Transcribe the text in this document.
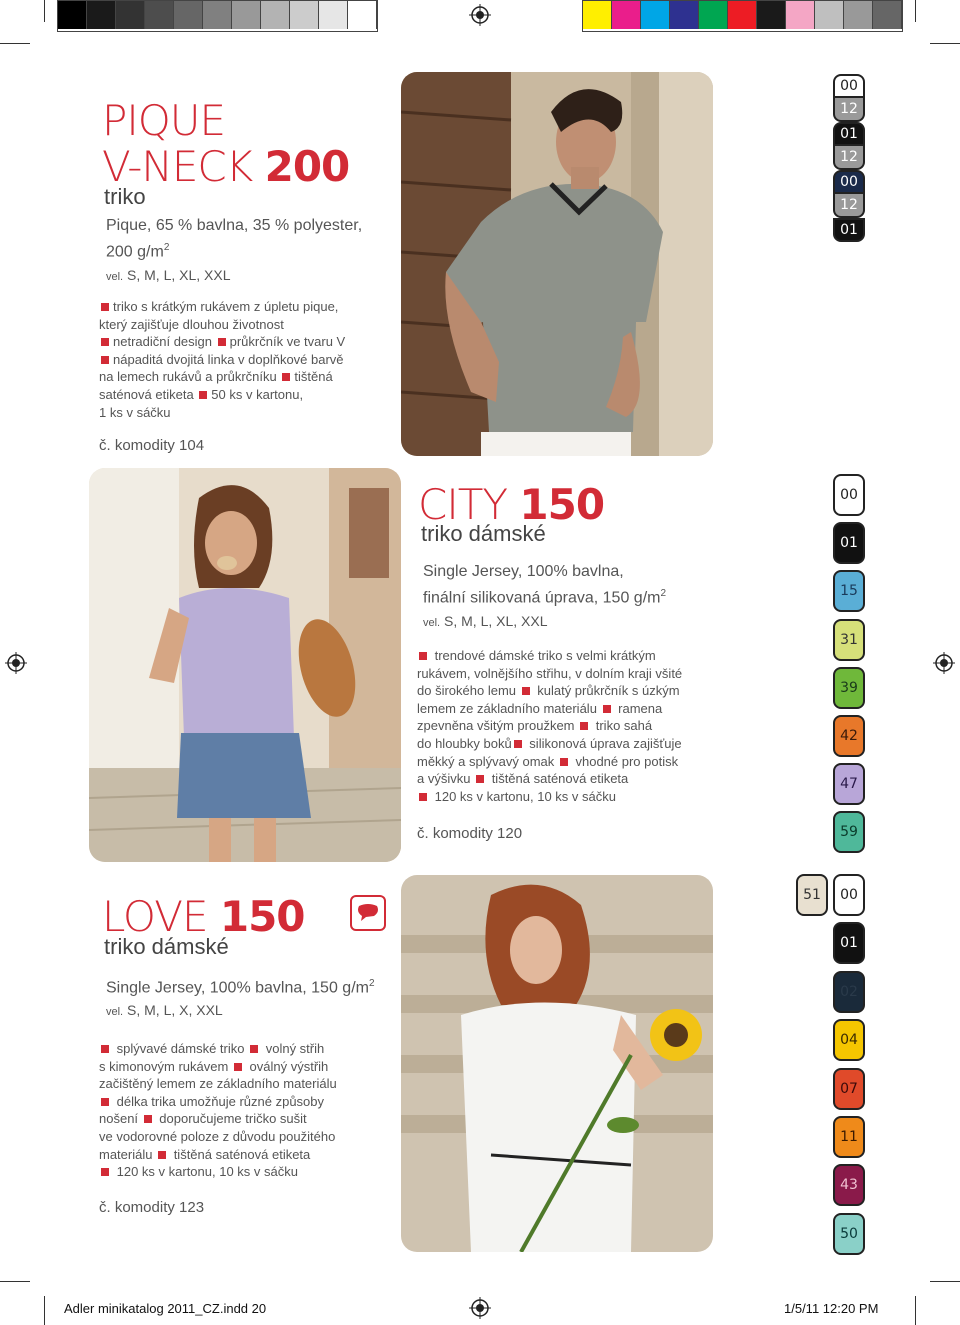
PIQUE
V-NECK 200
triko
Pique, 65 % bavlna, 35 % polyester,
200 $g/m^2$
vel. S, M, L, XL, XXL
triko s krátkým rukávem z úpletu pique,
který zajišťuje dlouhou životnost
netradiční design průkrčník ve tvaru V
nápaditá dvojitá linka v doplňkové barvě
na lemech rukávů a průkrčníku tištěná
saténová etiketa 50 ks v kartonu,
1 ks v sáčku
č. komodity 104
00
12
01
12
00
12
01
CITY 150
triko dámské
Single Jersey, 100% bavlna,
finální silikovaná úprava, 150 $g/m^2$
vel. S, M, L, XL, XXL
trendové dámské triko s velmi krátkým
rukávem, volnějšího střihu, v dolním kraji všité
do širokého lemu  kulatý průkrčník s úzkým
lemem ze základního materiálu  ramena
zpevněna všitým proužkem  triko sahá
do hloubky boků silikonová úprava zajišťuje
měkký a splývavý omak  vhodné pro potisk
a výšivku  tištěná saténová etiketa
120 ks v kartonu, 10 ks v sáčku
č. komodity 120
00
01
15
31
39
42
47
59
LOVE 150
triko dámské
Single Jersey, 100% bavlna, 150 $g/m^2$
vel. S, M, L, X, XXL
splývavé dámské triko  volný střih
s kimonovým rukávem  oválný výstřih
začištěný lemem ze základního materiálu
délka trika umožňuje různé způsoby
nošení  doporučujeme tričko sušit
ve vodorovné poloze z důvodu použitého
materiálu  tištěná saténová etiketa
120 ks v kartonu, 10 ks v sáčku
č. komodity 123
51	00
01
02
04
07
11
43
50
Adler minikatalog 2011_CZ.indd 20	1/5/11 12:20 PM
